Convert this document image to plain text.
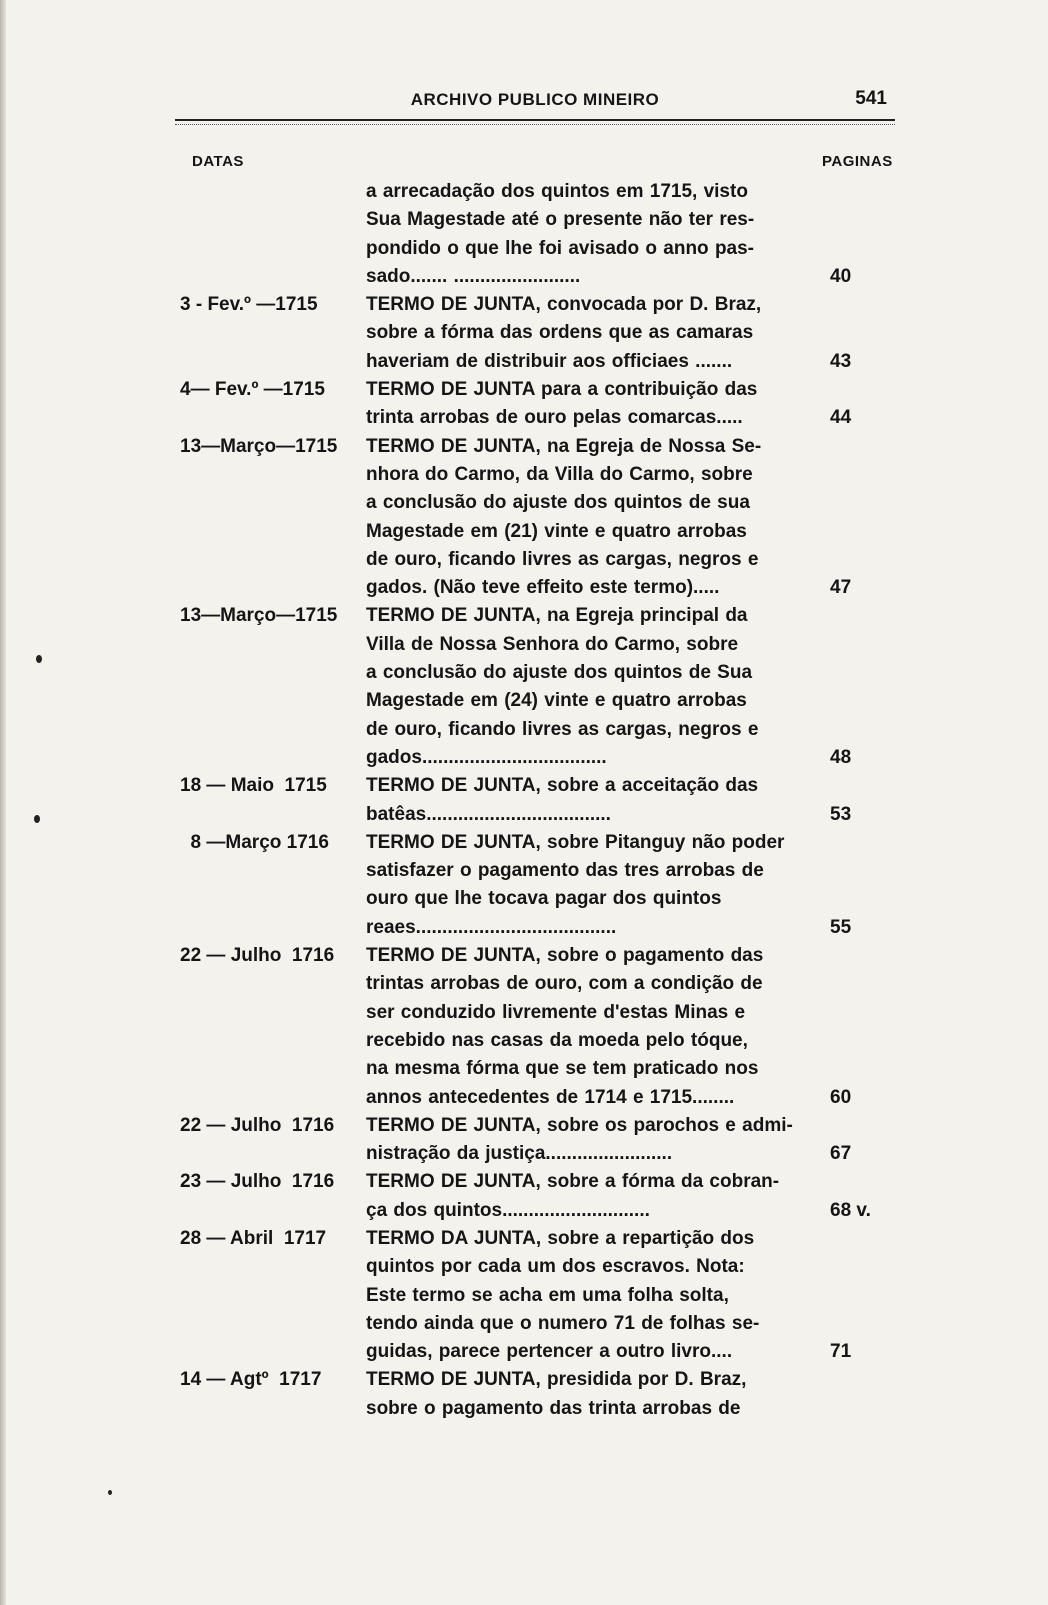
ARCHIVO PUBLICO MINEIRO	541
DATAS	PAGINAS
a arrecadação dos quintos em 1715, visto
Sua Magestade até o presente não ter res-
pondido o que lhe foi avisado o anno pas-
sado....... ........................	40
3 - Fev.º —1715	TERMO DE JUNTA, convocada por D. Braz,
sobre a fórma das ordens que as camaras
haveriam de distribuir aos officiaes .......	43
4— Fev.º —1715	TERMO DE JUNTA para a contribuição das
trinta arrobas de ouro pelas comarcas.....	44
13—Março—1715	TERMO DE JUNTA, na Egreja de Nossa Se-
nhora do Carmo, da Villa do Carmo, sobre
a conclusão do ajuste dos quintos de sua
Magestade em (21) vinte e quatro arrobas
de ouro, ficando livres as cargas, negros e
gados. (Não teve effeito este termo).....	47
13—Março—1715	TERMO DE JUNTA, na Egreja principal da
Villa de Nossa Senhora do Carmo, sobre
a conclusão do ajuste dos quintos de Sua
Magestade em (24) vinte e quatro arrobas
de ouro, ficando livres as cargas, negros e
gados...................................	48
18 — Maio  1715	TERMO DE JUNTA, sobre a acceitação das
batêas...................................	53
8 —Março 1716	TERMO DE JUNTA, sobre Pitanguy não poder
satisfazer o pagamento das tres arrobas de
ouro que lhe tocava pagar dos quintos
reaes......................................	55
22 — Julho  1716	TERMO DE JUNTA, sobre o pagamento das
trintas arrobas de ouro, com a condição de
ser conduzido livremente d'estas Minas e
recebido nas casas da moeda pelo tóque,
na mesma fórma que se tem praticado nos
annos antecedentes de 1714 e 1715........	60
22 — Julho  1716	TERMO DE JUNTA, sobre os parochos e admi-
nistração da justiça........................	67
23 — Julho  1716	TERMO DE JUNTA, sobre a fórma da cobran-
ça dos quintos............................	68 v.
28 — Abril  1717	TERMO DA JUNTA, sobre a repartição dos
quintos por cada um dos escravos. Nota:
Este termo se acha em uma folha solta,
tendo ainda que o numero 71 de folhas se-
guidas, parece pertencer a outro livro....	71
14 — Agtº  1717	TERMO DE JUNTA, presidida por D. Braz,
sobre o pagamento das trinta arrobas de
